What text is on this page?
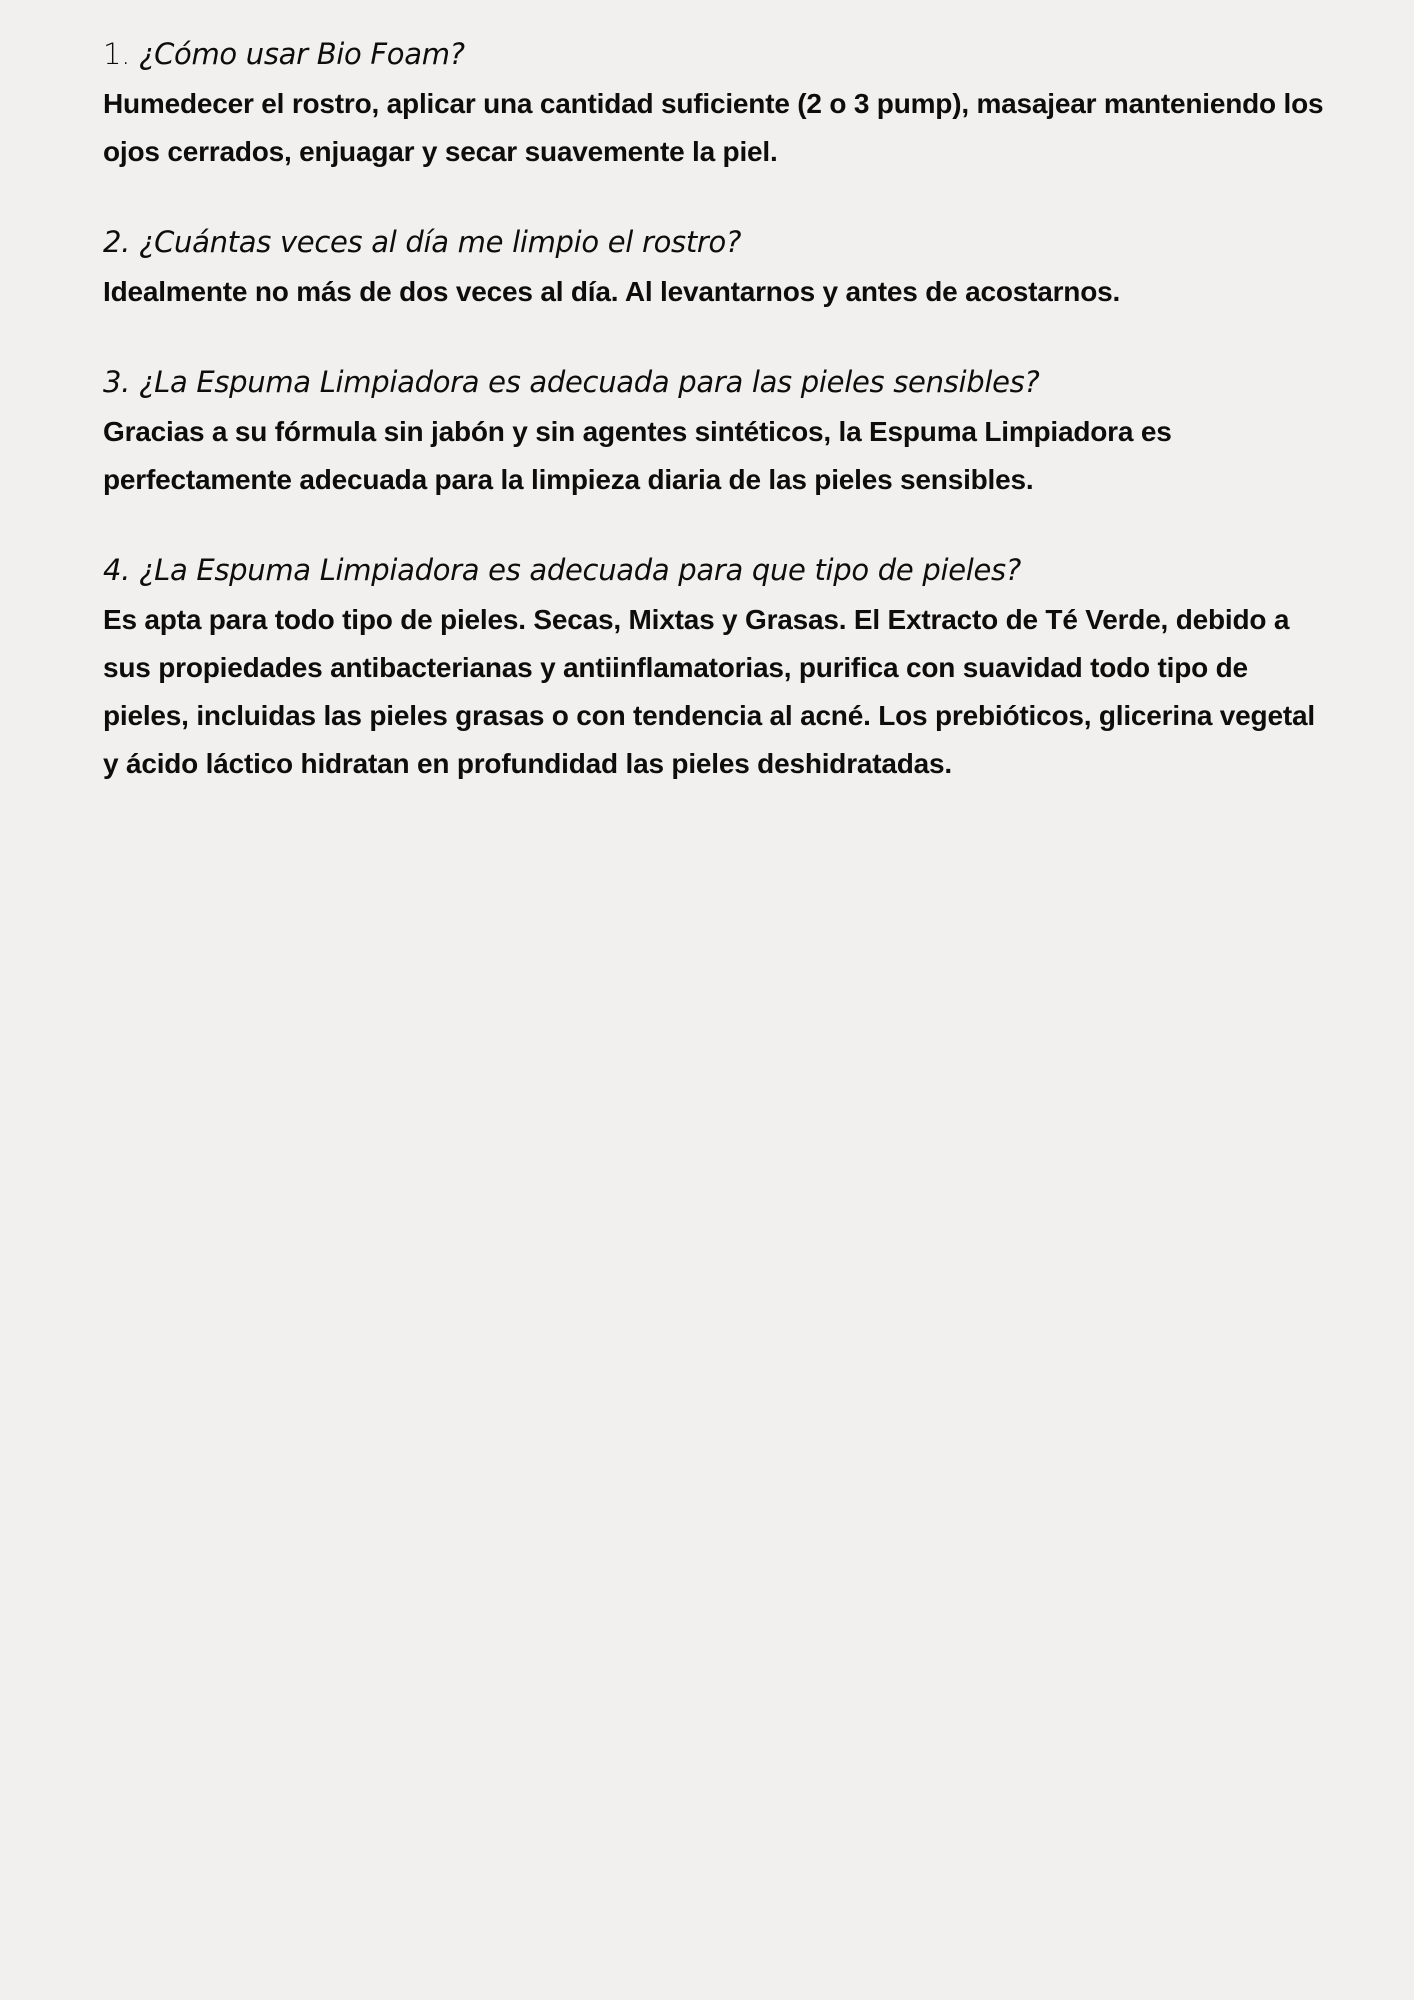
1. ¿Cómo usar Bio Foam?

Humedecer el rostro, aplicar una cantidad suficiente (2 o 3 pump), masajear manteniendo los ojos cerrados, enjuagar y secar suavemente la piel.

2. ¿Cuántas veces al día me limpio el rostro?

Idealmente no más de dos veces al día. Al levantarnos y antes de acostarnos.

3. ¿La Espuma Limpiadora es adecuada para las pieles sensibles?

Gracias a su fórmula sin jabón y sin agentes sintéticos, la Espuma Limpiadora es perfectamente adecuada para la limpieza diaria de las pieles sensibles.

4. ¿La Espuma Limpiadora es adecuada para que tipo de pieles?

Es apta para todo tipo de pieles. Secas, Mixtas y Grasas. El Extracto de Té Verde, debido a sus propiedades antibacterianas y antiinflamatorias, purifica con suavidad todo tipo de pieles, incluidas las pieles grasas o con tendencia al acné. Los prebióticos, glicerina vegetal y ácido láctico hidratan en profundidad las pieles deshidratadas.
